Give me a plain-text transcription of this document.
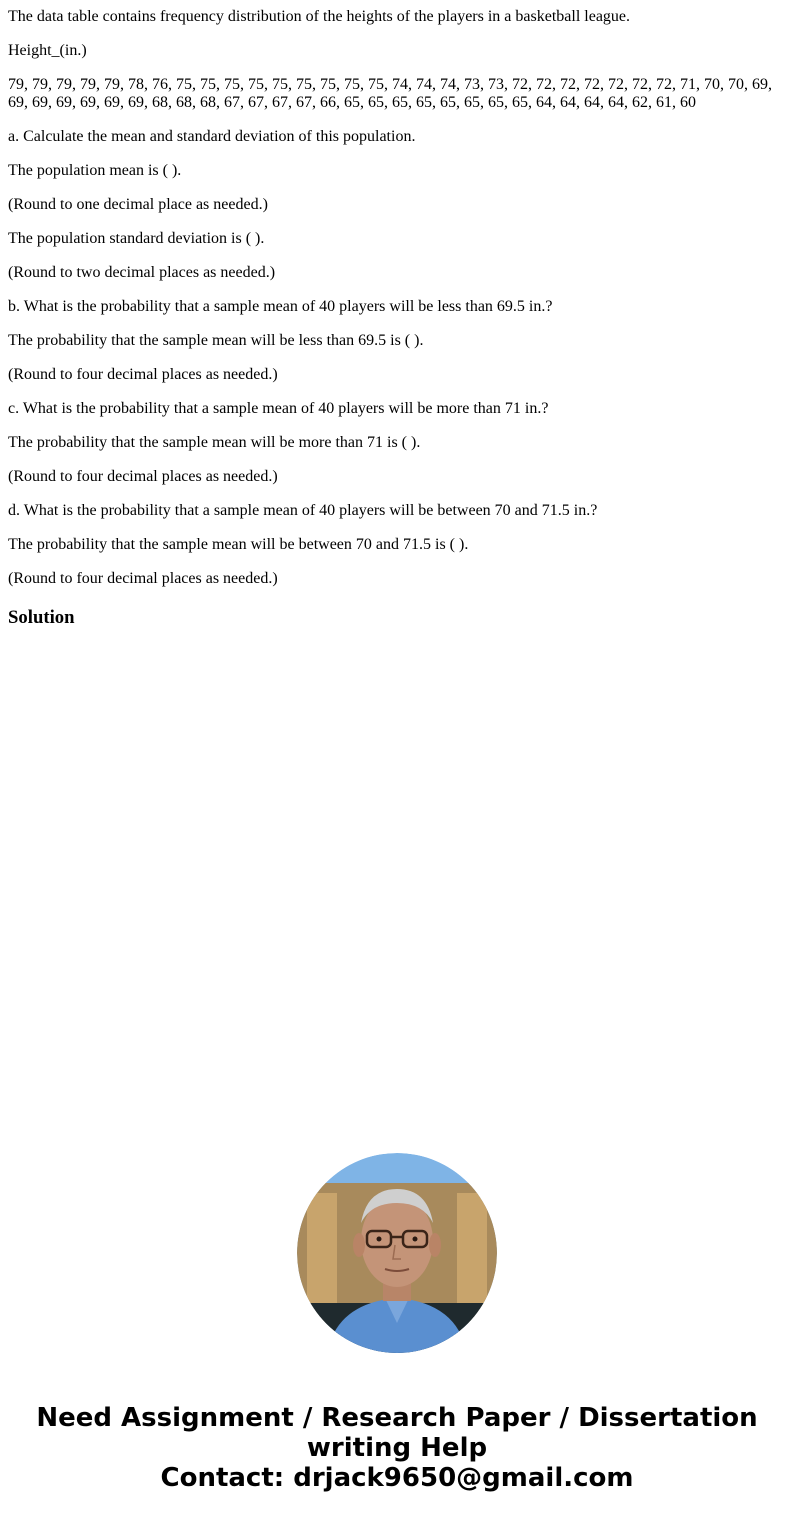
The data table contains frequency distribution of the heights of the players in a basketball league.

Height_(in.)

79, 79, 79, 79, 79, 78, 76, 75, 75, 75, 75, 75, 75, 75, 75, 75, 74, 74, 74, 73, 73, 72, 72, 72, 72, 72, 72, 72, 71, 70, 70, 69, 69, 69, 69, 69, 69, 69, 68, 68, 68, 67, 67, 67, 67, 66, 65, 65, 65, 65, 65, 65, 65, 65, 64, 64, 64, 64, 62, 61, 60

a. Calculate the mean and standard deviation of this population.

The population mean is ( ).

(Round to one decimal place as needed.)

The population standard deviation is ( ).

(Round to two decimal places as needed.)

b. What is the probability that a sample mean of 40 players will be less than 69.5 in.?

The probability that the sample mean will be less than 69.5 is ( ).

(Round to four decimal places as needed.)

c. What is the probability that a sample mean of 40 players will be more than 71 in.?

The probability that the sample mean will be more than 71 is ( ).

(Round to four decimal places as needed.)

d. What is the probability that a sample mean of 40 players will be between 70 and 71.5 in.?

The probability that the sample mean will be between 70 and 71.5 is ( ).

(Round to four decimal places as needed.)

Solution
Need Assignment / Research Paper / Dissertation
writing Help
Contact: drjack9650@gmail.com
